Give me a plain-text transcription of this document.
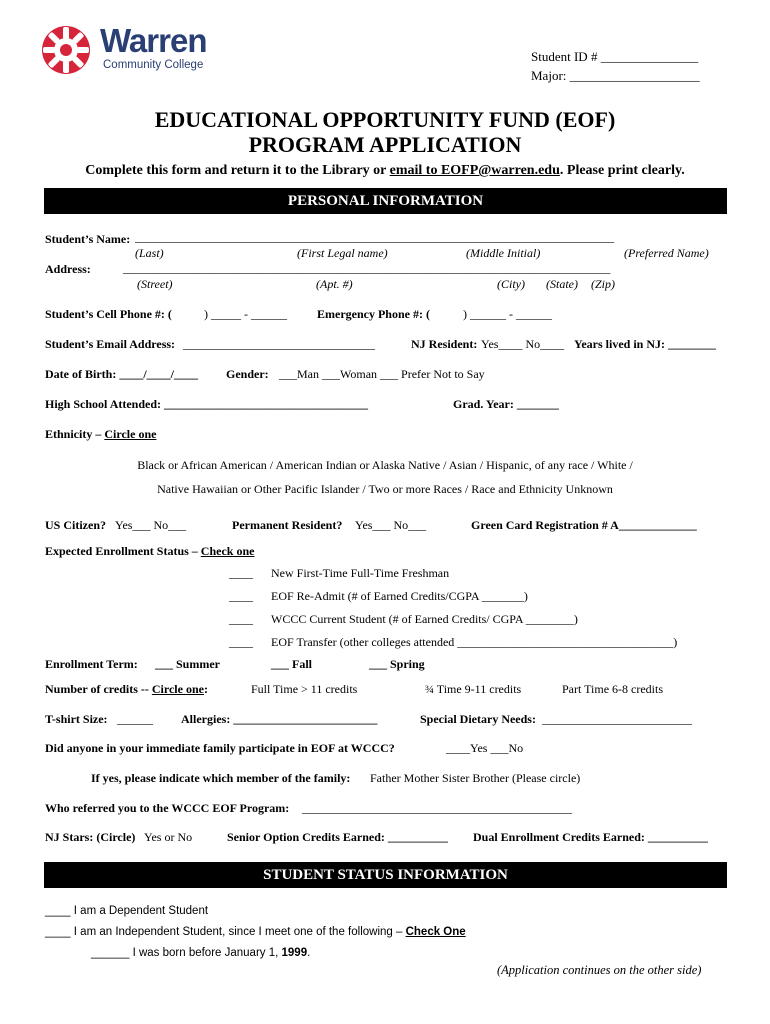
Warren
Community College
Student ID # _______________
Major: ____________________
EDUCATIONAL OPPORTUNITY FUND (EOF)
PROGRAM APPLICATION
Complete this form and return it to the Library or email to EOFP@warren.edu. Please print clearly.
PERSONAL INFORMATION
Student’s Name: ____________________________________________________________________________________
(Last)	(First Legal name)	(Middle Initial)	(Preferred Name)
Address:	____________________________________________________________________________________
(Street)	(Apt. #)	(City) (State) (Zip)
Student’s Cell Phone #: (	) _____ - ______	Emergency Phone #: (	) ______ - ______
Student’s Email Address: ________________________________	NJ Resident: Yes____ No____ Years lived in NJ: ________
Date of Birth: ____/____/____ Gender: ___Man ___Woman ___ Prefer Not to Say
High School Attended: __________________________________	Grad. Year: _______
Ethnicity – Circle one
Black or African American / American Indian or Alaska Native / Asian / Hispanic, of any race / White /
Native Hawaiian or Other Pacific Islander / Two or more Races / Race and Ethnicity Unknown
US Citizen? Yes___ No___	Permanent Resident? Yes___ No___	Green Card Registration # A_____________
Expected Enrollment Status – Check one
____ New First-Time Full-Time Freshman
____ EOF Re-Admit (# of Earned Credits/CGPA _______)
____ WCCC Current Student (# of Earned Credits/ CGPA ________)
____ EOF Transfer (other colleges attended ____________________________________)
Enrollment Term: ___ Summer	___ Fall	___ Spring
Number of credits -- Circle one:	Full Time > 11 credits	¾ Time 9-11 credits	Part Time 6-8 credits
T-shirt Size: ______ Allergies: ________________________	Special Dietary Needs: _________________________
Did anyone in your immediate family participate in EOF at WCCC?	____Yes ___No
If yes, please indicate which member of the family: Father Mother Sister Brother (Please circle)
Who referred you to the WCCC EOF Program: _____________________________________________
NJ Stars: (Circle) Yes or No	Senior Option Credits Earned: __________ Dual Enrollment Credits Earned: __________
STUDENT STATUS INFORMATION
____ I am a Dependent Student
____ I am an Independent Student, since I meet one of the following – Check One
______ I was born before January 1, 1999.
(Application continues on the other side)
